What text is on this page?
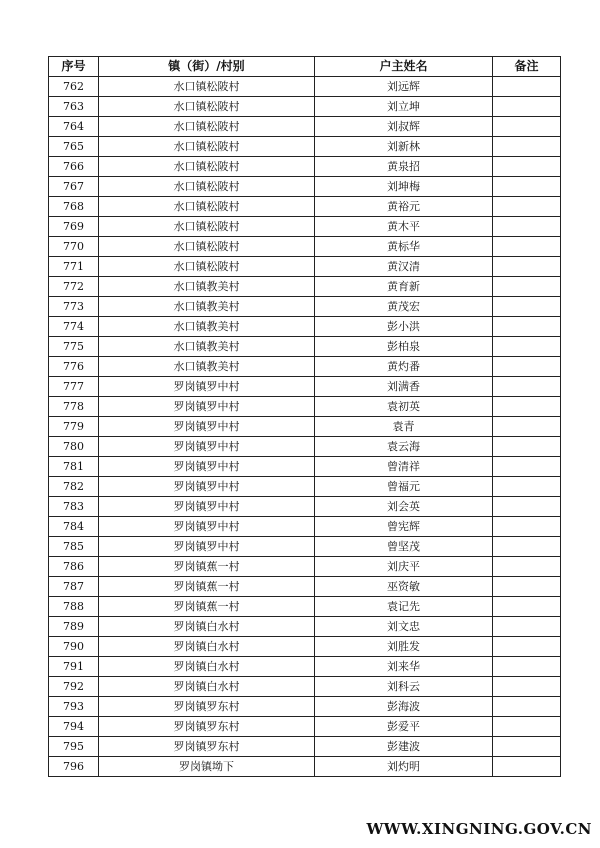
序号	镇（街）/村别	户主姓名	备注
762	水口镇松陂村	刘远辉	
763	水口镇松陂村	刘立坤	
764	水口镇松陂村	刘叔辉	
765	水口镇松陂村	刘新林	
766	水口镇松陂村	黄泉招	
767	水口镇松陂村	刘坤梅	
768	水口镇松陂村	黄裕元	
769	水口镇松陂村	黄木平	
770	水口镇松陂村	黄标华	
771	水口镇松陂村	黄汉清	
772	水口镇教美村	黄育新	
773	水口镇教美村	黄茂宏	
774	水口镇教美村	彭小洪	
775	水口镇教美村	彭柏泉	
776	水口镇教美村	黄灼番	
777	罗岗镇罗中村	刘满香	
778	罗岗镇罗中村	袁初英	
779	罗岗镇罗中村	袁青	
780	罗岗镇罗中村	袁云海	
781	罗岗镇罗中村	曾清祥	
782	罗岗镇罗中村	曾福元	
783	罗岗镇罗中村	刘会英	
784	罗岗镇罗中村	曾宪辉	
785	罗岗镇罗中村	曾坚茂	
786	罗岗镇蕉一村	刘庆平	
787	罗岗镇蕉一村	巫资敏	
788	罗岗镇蕉一村	袁记先	
789	罗岗镇白水村	刘文忠	
790	罗岗镇白水村	刘胜发	
791	罗岗镇白水村	刘来华	
792	罗岗镇白水村	刘科云	
793	罗岗镇罗东村	彭海波	
794	罗岗镇罗东村	彭爱平	
795	罗岗镇罗东村	彭建波	
796	罗岗镇坳下	刘灼明	
WWW.XINGNING.GOV.CN
